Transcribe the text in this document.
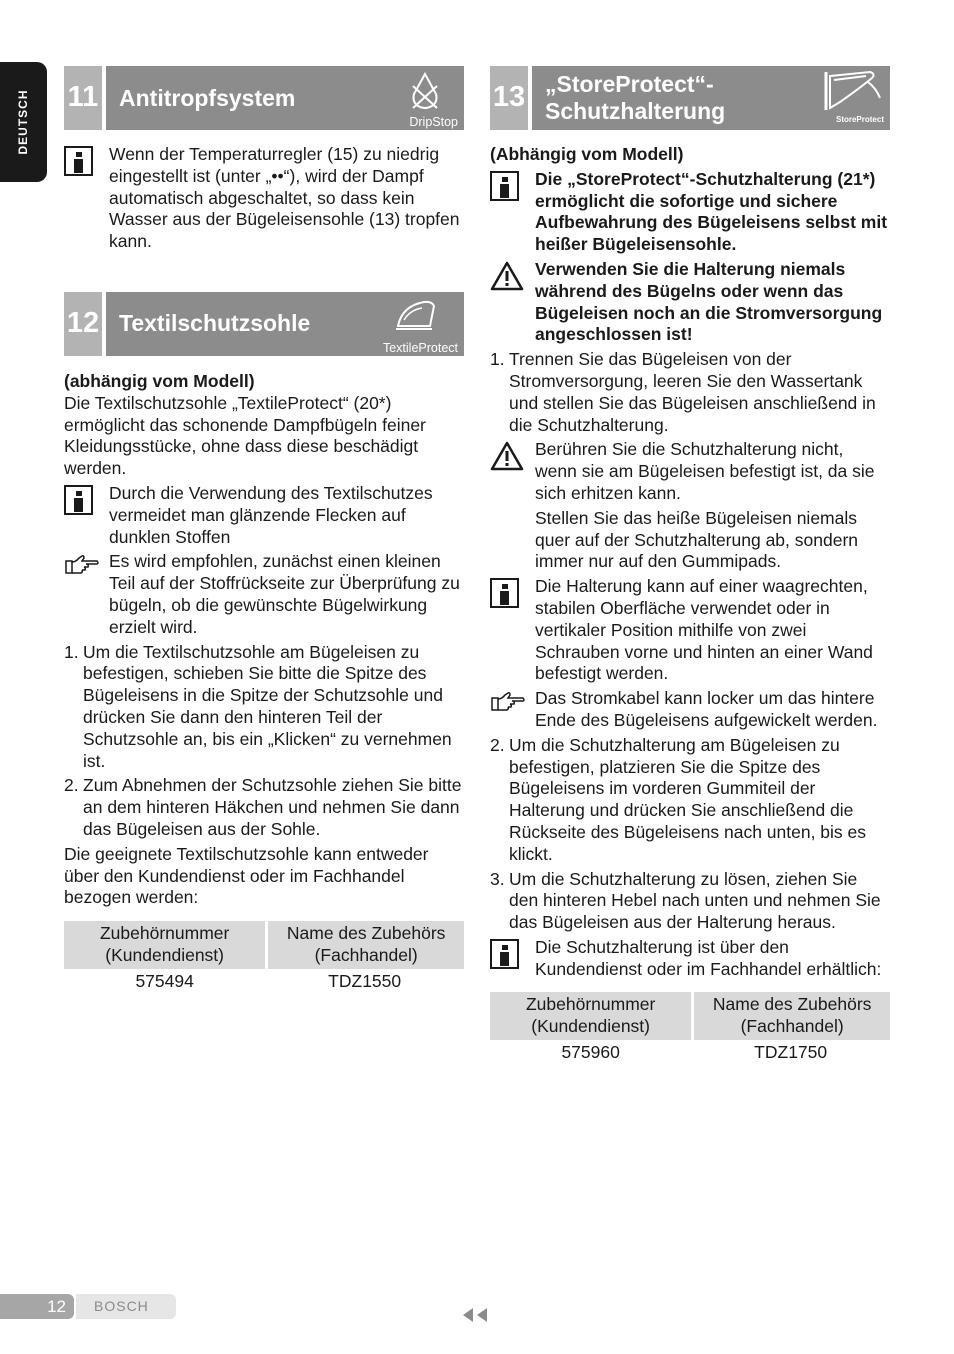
DEUTSCH 11 Antitropfsystem
DripStop
Wenn der Temperaturregler (15) zu niedrig eingestellt ist (unter „••“), wird der Dampf automatisch abgeschaltet, so dass kein Wasser aus der Bügeleisensohle (13) tropfen kann.
12 Textilschutzsohle
TextileProtect

(abhängig vom Modell)

Die Textilschutzsohle „TextileProtect“ (20*) ermöglicht das schonende Dampfbügeln feiner Kleidungsstücke, ohne dass diese beschädigt werden.

Durch die Verwendung des Textilschutzes vermeidet man glänzende Flecken auf dunklen Stoffen
Es wird empfohlen, zunächst einen kleinen Teil auf der Stoffrückseite zur Überprüfung zu bügeln, ob die gewünschte Bügelwirkung erzielt wird.
1. Um die Textilschutzsohle am Bügeleisen zu befestigen, schieben Sie bitte die Spitze des Bügeleisens in die Spitze der Schutzsohle und drücken Sie dann den hinteren Teil der Schutzsohle an, bis ein „Klicken“ zu vernehmen ist.
2. Zum Abnehmen der Schutzsohle ziehen Sie bitte an dem hinteren Häkchen und nehmen Sie dann das Bügeleisen aus der Sohle.

Die geeignete Textilschutzsohle kann entweder über den Kundendienst oder im Fachhandel bezogen werden:

Zubehörnummer (Kundendienst)	Name des Zubehörs (Fachhandel)
575494	TDZ1550
13 „StoreProtect“-Schutzhalterung	StoreProtect

(Abhängig vom Modell)

Die „StoreProtect“-Schutzhalterung (21*) ermöglicht die sofortige und sichere Aufbewahrung des Bügeleisens selbst mit heißer Bügeleisensohle.
Verwenden Sie die Halterung niemals während des Bügelns oder wenn das Bügeleisen noch an die Stromversorgung angeschlossen ist!
1. Trennen Sie das Bügeleisen von der Stromversorgung, leeren Sie den Wassertank und stellen Sie das Bügeleisen anschließend in die Schutzhalterung.

Berühren Sie die Schutzhalterung nicht, wenn sie am Bügeleisen befestigt ist, da sie sich erhitzen kann.

Stellen Sie das heiße Bügeleisen niemals quer auf der Schutzhalterung ab, sondern immer nur auf den Gummipads.

Die Halterung kann auf einer waagrechten, stabilen Oberfläche verwendet oder in vertikaler Position mithilfe von zwei Schrauben vorne und hinten an einer Wand befestigt werden.
Das Stromkabel kann locker um das hintere Ende des Bügeleisens aufgewickelt werden.
2. Um die Schutzhalterung am Bügeleisen zu befestigen, platzieren Sie die Spitze des Bügeleisens im vorderen Gummiteil der Halterung und drücken Sie anschließend die Rückseite des Bügeleisens nach unten, bis es klickt.
3. Um die Schutzhalterung zu lösen, ziehen Sie den hinteren Hebel nach unten und nehmen Sie das Bügeleisen aus der Halterung heraus.
Die Schutzhalterung ist über den Kundendienst oder im Fachhandel erhältlich:
Zubehörnummer (Kundendienst)	Name des Zubehörs (Fachhandel)
575960	TDZ1750
12	BOSCH
